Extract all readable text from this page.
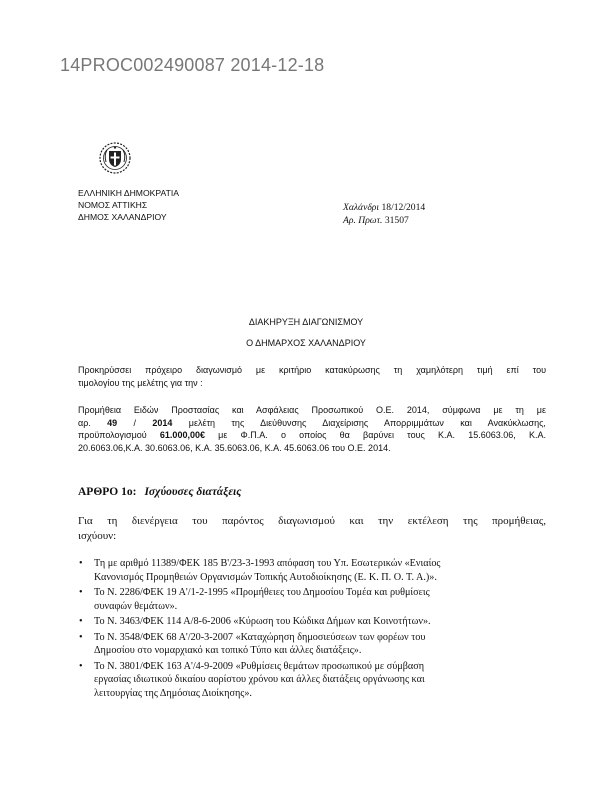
14PROC002490087 2014-12-18
ΕΛΛΗΝΙΚΗ ΔΗΜΟΚΡΑΤΙΑ
ΝΟΜΟΣ ΑΤΤΙΚΗΣ
ΔΗΜΟΣ ΧΑΛΑΝΔΡΙΟΥ
Χαλάνδρι 18/12/2014
Αρ. Πρωτ. 31507
ΔΙΑΚΗΡΥΞΗ ΔΙΑΓΩΝΙΣΜΟΥ
Ο ΔΗΜΑΡΧΟΣ ΧΑΛΑΝΔΡΙΟΥ
Προκηρύσσει πρόχειρο διαγωνισμό με κριτήριο κατακύρωσης τη χαμηλότερη τιμή επί του
τιμολογίου της μελέτης για την :
Προμήθεια Ειδών Προστασίας και Ασφάλειας Προσωπικού Ο.Ε. 2014, σύμφωνα με τη με
αρ. 49 / 2014 μελέτη της Διεύθυνσης Διαχείρισης Απορριμμάτων και Ανακύκλωσης,
προϋπολογισμού 61.000,00€ με Φ.Π.Α. ο οποίος θα βαρύνει τους Κ.Α. 15.6063.06, Κ.Α.
20.6063.06,Κ.Α. 30.6063.06, Κ.Α. 35.6063.06, Κ.Α. 45.6063.06 του Ο.Ε. 2014.
ΑΡΘΡΟ 1ο: Ισχύουσες διατάξεις
Για τη διενέργεια του παρόντος διαγωνισμού και την εκτέλεση της προμήθειας,
ισχύουν:
• Τη με αριθμό 11389/ΦΕΚ 185 Β'/23-3-1993 απόφαση του Υπ. Εσωτερικών «Ενιαίος
Κανονισμός Προμηθειών Οργανισμών Τοπικής Αυτοδιοίκησης (Ε. Κ. Π. Ο. Τ. Α.)».
• Το Ν. 2286/ΦΕΚ 19 Α'/1-2-1995 «Προμήθειες του Δημοσίου Τομέα και ρυθμίσεις
συναφών θεμάτων».
• Το Ν. 3463/ΦΕΚ 114 Α/8-6-2006 «Κύρωση του Κώδικα Δήμων και Κοινοτήτων».
• Το Ν. 3548/ΦΕΚ 68 Α'/20-3-2007 «Καταχώρηση δημοσιεύσεων των φορέων του
Δημοσίου στο νομαρχιακό και τοπικό Τύπο και άλλες διατάξεις».
• Το Ν. 3801/ΦΕΚ 163 Α'/4-9-2009 «Ρυθμίσεις θεμάτων προσωπικού με σύμβαση
εργασίας ιδιωτικού δικαίου αορίστου χρόνου και άλλες διατάξεις οργάνωσης και
λειτουργίας της Δημόσιας Διοίκησης».
